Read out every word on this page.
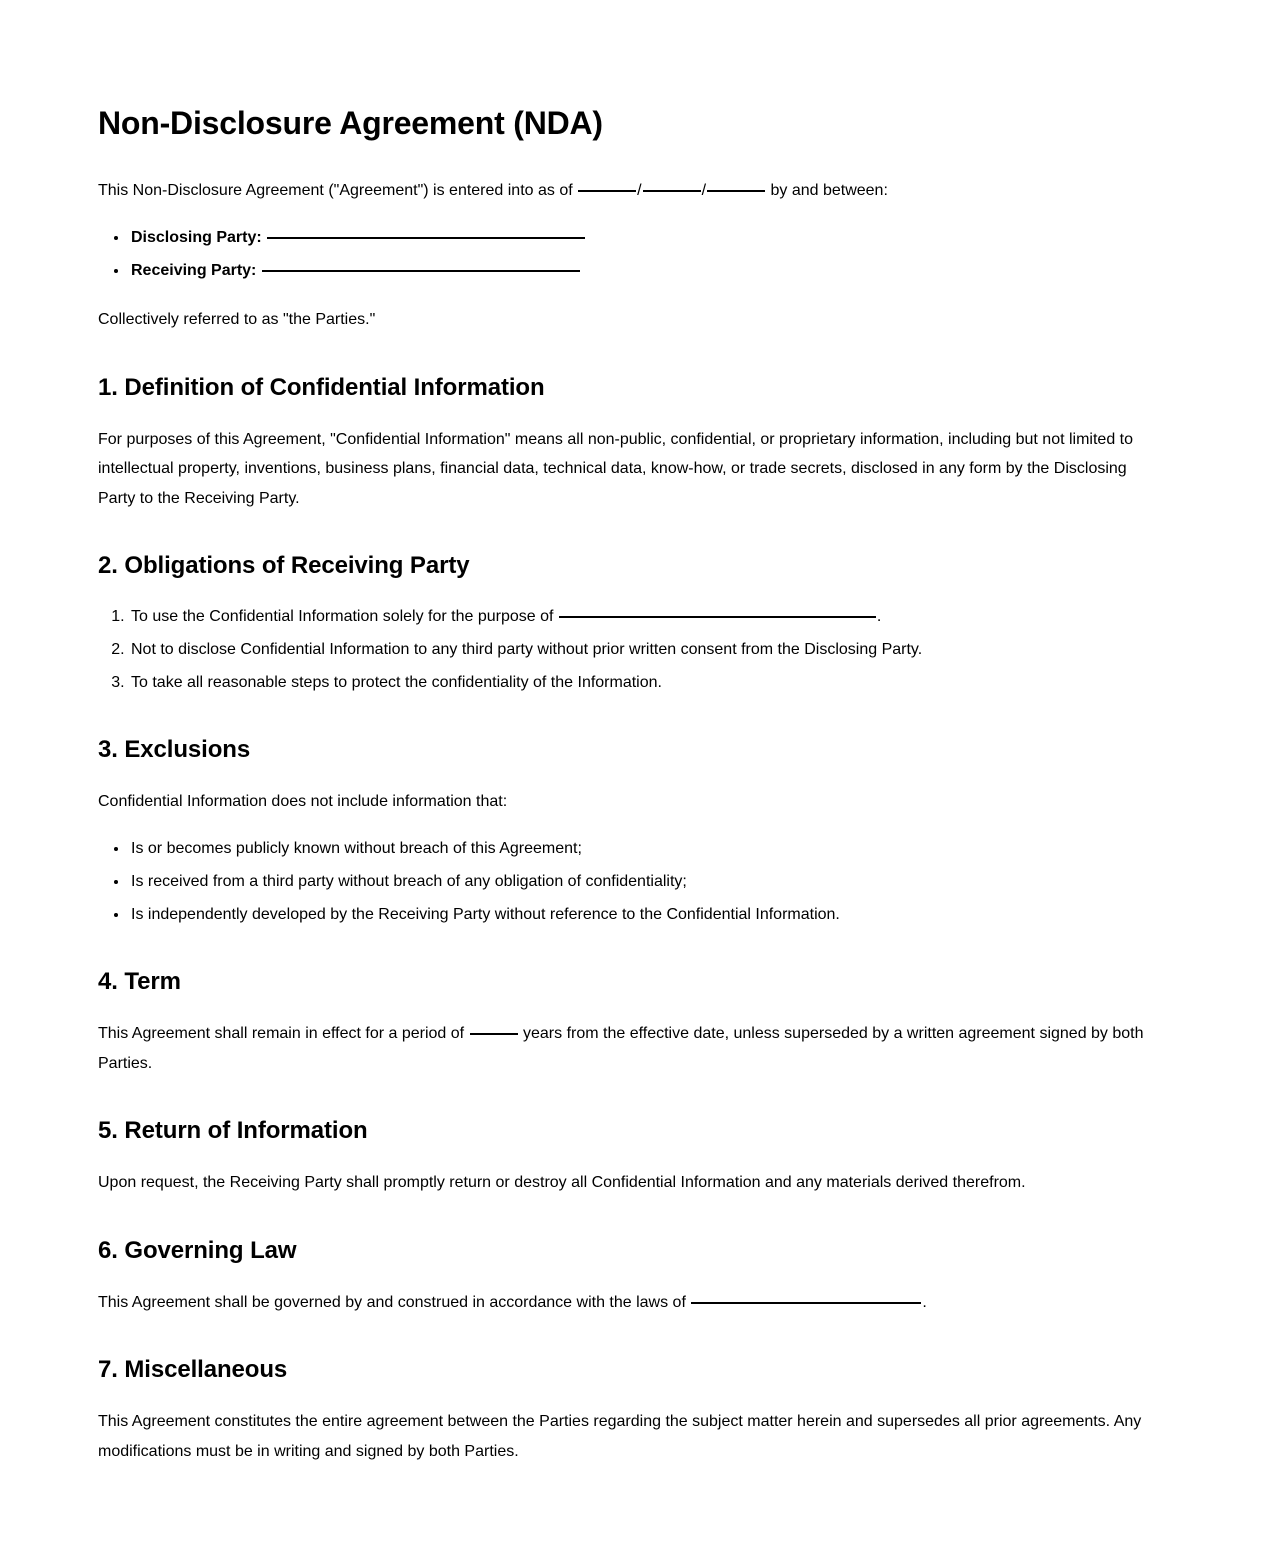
Non-Disclosure Agreement (NDA)

This Non-Disclosure Agreement ("Agreement") is entered into as of	/	/	by and between:

• Disclosing Party:
• Receiving Party:

Collectively referred to as "the Parties."

1. Definition of Confidential Information

For purposes of this Agreement, "Confidential Information" means all non-public, confidential, or proprietary information, including but not limited to intellectual property, inventions, business plans, financial data, technical data, know-how, or trade secrets, disclosed in any form by the Disclosing Party to the Receiving Party.

2. Obligations of Receiving Party
1. To use the Confidential Information solely for the purpose of	.
2. Not to disclose Confidential Information to any third party without prior written consent from the Disclosing Party.
3. To take all reasonable steps to protect the confidentiality of the Information.
3. Exclusions

Confidential Information does not include information that:

• Is or becomes publicly known without breach of this Agreement;
• Is received from a third party without breach of any obligation of confidentiality;
• Is independently developed by the Receiving Party without reference to the Confidential Information.
4. Term

This Agreement shall remain in effect for a period of	years from the effective date, unless superseded by a written agreement signed by both Parties.

5. Return of Information

Upon request, the Receiving Party shall promptly return or destroy all Confidential Information and any materials derived therefrom.

6. Governing Law

This Agreement shall be governed by and construed in accordance with the laws of	.

7. Miscellaneous

This Agreement constitutes the entire agreement between the Parties regarding the subject matter herein and supersedes all prior agreements. Any modifications must be in writing and signed by both Parties.
